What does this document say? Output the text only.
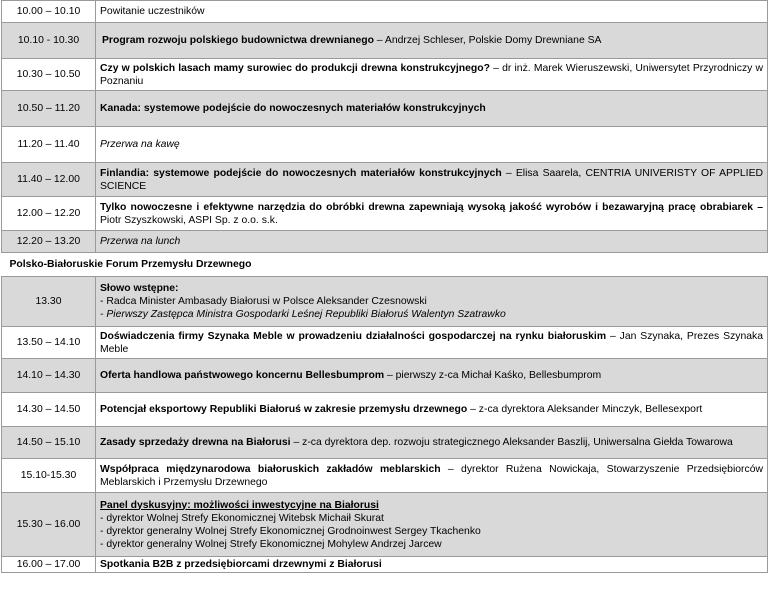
10.00 – 10.10	Powitanie uczestników
10.10 - 10.30	Program rozwoju polskiego budownictwa drewnianego – Andrzej Schleser, Polskie Domy Drewniane SA
10.30 – 10.50	Czy w polskich lasach mamy surowiec do produkcji drewna konstrukcyjnego? – dr inż. Marek Wieruszewski, Uniwersytet Przyrodniczy w Poznaniu
10.50 – 11.20	Kanada: systemowe podejście do nowoczesnych materiałów konstrukcyjnych
11.20 – 11.40	Przerwa na kawę
11.40 – 12.00	Finlandia: systemowe podejście do nowoczesnych materiałów konstrukcyjnych – Elisa Saarela, CENTRIA UNIVERISTY OF APPLIED SCIENCE
12.00 – 12.20	Tylko nowoczesne i efektywne narzędzia do obróbki drewna zapewniają wysoką jakość wyrobów i bezawaryjną pracę obrabiarek – Piotr Szyszkowski, ASPI Sp. z o.o. s.k.
12.20 – 13.20	Przerwa na lunch
Polsko-Białoruskie Forum Przemysłu Drzewnego	
13.30	Słowo wstępne:
- Radca Minister Ambasady Białorusi w Polsce Aleksander Czesnowski
- Pierwszy Zastępca Ministra Gospodarki Leśnej Republiki Białoruś Walentyn Szatrawko

13.50 – 14.10	Doświadczenia firmy Szynaka Meble w prowadzeniu działalności gospodarczej na rynku białoruskim – Jan Szynaka, Prezes Szynaka Meble
14.10 – 14.30	Oferta handlowa państwowego koncernu Bellesbumprom – pierwszy z-ca Michał Kaśko, Bellesbumprom
14.30 – 14.50	Potencjał eksportowy Republiki Białoruś w zakresie przemysłu drzewnego – z-ca dyrektora Aleksander Minczyk, Bellesexport
14.50 – 15.10	Zasady sprzedaży drewna na Białorusi – z-ca dyrektora dep. rozwoju strategicznego Aleksander Baszlij, Uniwersalna Giełda Towarowa
15.10-15.30	Współpraca międzynarodowa białoruskich zakładów meblarskich – dyrektor Rużena Nowickaja, Stowarzyszenie Przedsiębiorców Meblarskich i Przemysłu Drzewnego
15.30 – 16.00	Panel dyskusyjny: możliwości inwestycyjne na Białorusi
- dyrektor Wolnej Strefy Ekonomicznej Witebsk Michaił Skurat
- dyrektor generalny Wolnej Strefy Ekonomicznej Grodnoinwest Sergey Tkachenko
- dyrektor generalny Wolnej Strefy Ekonomicznej Mohylew Andrzej Jarcew

16.00 – 17.00	Spotkania B2B z przedsiębiorcami drzewnymi z Białorusi
